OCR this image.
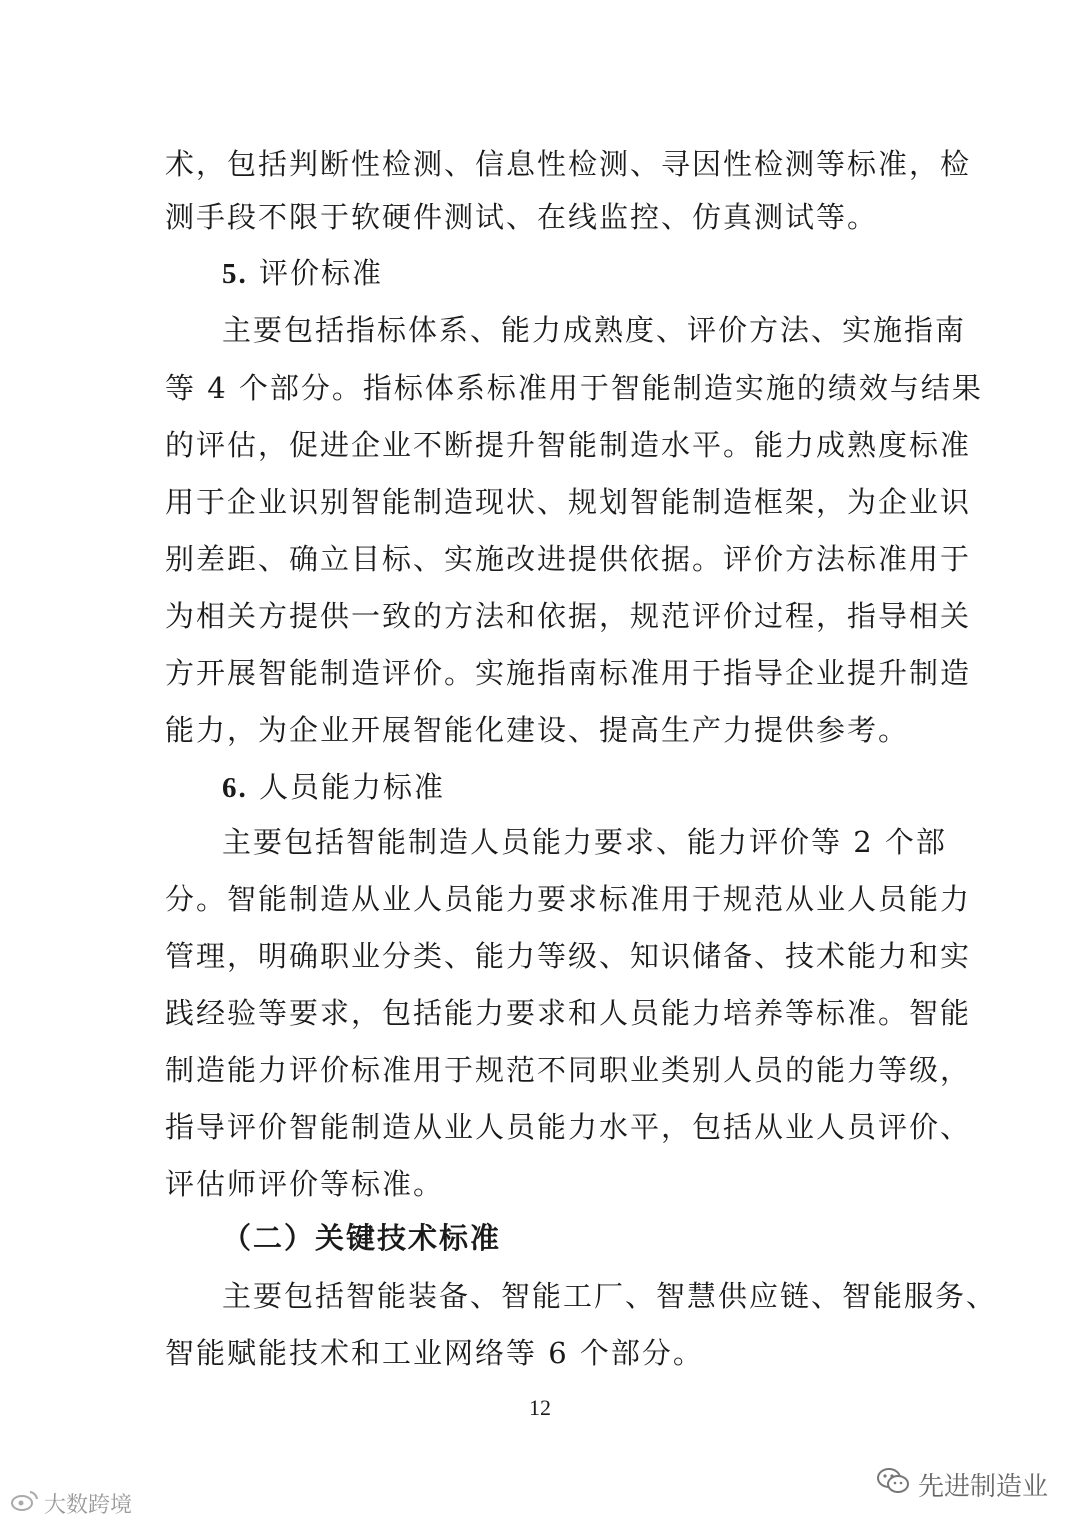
术，包括判断性检测、信息性检测、寻因性检测等标准，检
测手段不限于软硬件测试、在线监控、仿真测试等。
5. 评价标准
主要包括指标体系、能力成熟度、评价方法、实施指南
等 4 个部分。指标体系标准用于智能制造实施的绩效与结果
的评估，促进企业不断提升智能制造水平。能力成熟度标准
用于企业识别智能制造现状、规划智能制造框架，为企业识
别差距、确立目标、实施改进提供依据。评价方法标准用于
为相关方提供一致的方法和依据，规范评价过程，指导相关
方开展智能制造评价。实施指南标准用于指导企业提升制造
能力，为企业开展智能化建设、提高生产力提供参考。
6. 人员能力标准
主要包括智能制造人员能力要求、能力评价等 2 个部
分。智能制造从业人员能力要求标准用于规范从业人员能力
管理，明确职业分类、能力等级、知识储备、技术能力和实
践经验等要求，包括能力要求和人员能力培养等标准。智能
制造能力评价标准用于规范不同职业类别人员的能力等级，
指导评价智能制造从业人员能力水平，包括从业人员评价、
评估师评价等标准。
（二）关键技术标准
主要包括智能装备、智能工厂、智慧供应链、智能服务、
智能赋能技术和工业网络等 6 个部分。
12
先进制造业
大数跨境
